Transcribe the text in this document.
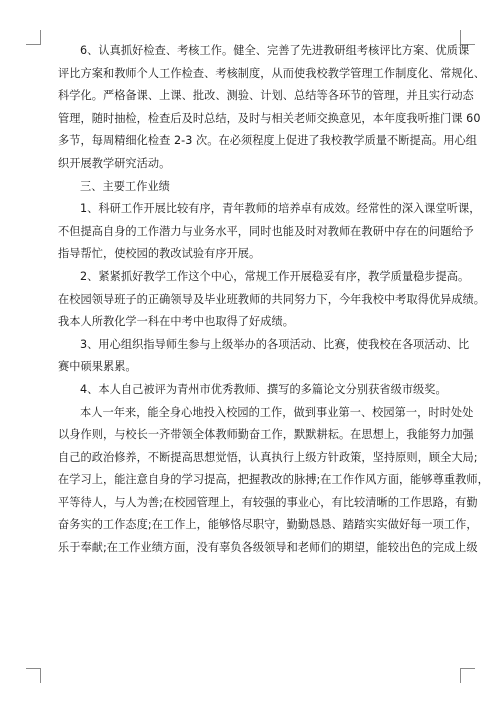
6、认真抓好检查、考核工作。健全、完善了先进教研组考核评比方案、优质课
评比方案和教师个人工作检查、考核制度，从而使我校教学管理工作制度化、常规化、
科学化。严格备课、上课、批改、测验、计划、总结等各环节的管理，并且实行动态
管理，随时抽检，检查后及时总结，及时与相关老师交换意见，本年度我听推门课 60
多节，每周精细化检查 2-3 次。在必须程度上促进了我校教学质量不断提高。用心组
织开展教学研究活动。
三、主要工作业绩
1、科研工作开展比较有序，青年教师的培养卓有成效。经常性的深入课堂听课，
不但提高自身的工作潜力与业务水平，同时也能及时对教师在教研中存在的问题给予
指导帮忙，使校园的教改试验有序开展。
2、紧紧抓好教学工作这个中心，常规工作开展稳妥有序，教学质量稳步提高。
在校园领导班子的正确领导及毕业班教师的共同努力下，今年我校中考取得优异成绩。
我本人所教化学一科在中考中也取得了好成绩。
3、用心组织指导师生参与上级举办的各项活动、比赛，使我校在各项活动、比
赛中硕果累累。
4、本人自己被评为青州市优秀教师、撰写的多篇论文分别获省级市级奖。
本人一年来，能全身心地投入校园的工作，做到事业第一、校园第一，时时处处
以身作则，与校长一齐带领全体教师勤奋工作，默默耕耘。在思想上，我能努力加强
自己的政治修养，不断提高思想觉悟，认真执行上级方针政策，坚持原则，顾全大局;
在学习上，能注意自身的学习提高，把握教改的脉搏;在工作作风方面，能够尊重教师，
平等待人，与人为善;在校园管理上，有较强的事业心，有比较清晰的工作思路，有勤
奋务实的工作态度;在工作上，能够恪尽职守，勤勤恳恳、踏踏实实做好每一项工作，
乐于奉献;在工作业绩方面，没有辜负各级领导和老师们的期望，能较出色的完成上级
